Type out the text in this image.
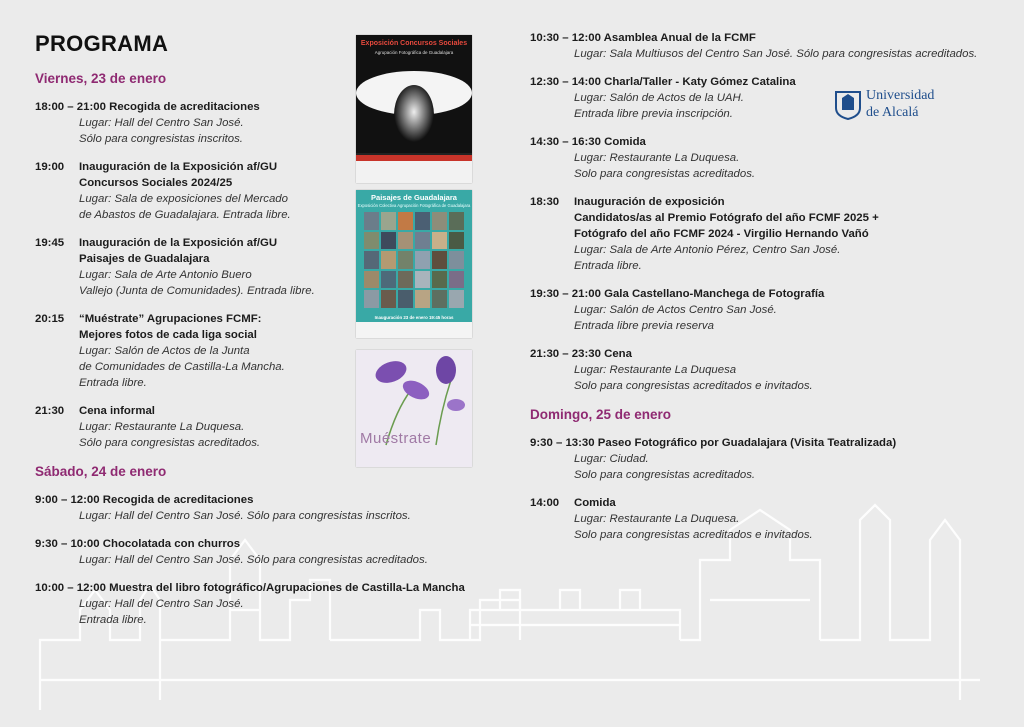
PROGRAMA
Viernes, 23 de enero
18:00 – 21:00 Recogida de acreditaciones
Lugar: Hall del Centro San José.
Sólo para congresistas inscritos.
19:00	Inauguración de la Exposición af/GU
Concursos Sociales 2024/25
Lugar: Sala de exposiciones del Mercado
de Abastos de Guadalajara. Entrada libre.
19:45	Inauguración de la Exposición af/GU
Paisajes de Guadalajara
Lugar: Sala de Arte Antonio Buero
Vallejo (Junta de Comunidades). Entrada libre.
20:15	“Muéstrate” Agrupaciones FCMF:
Mejores fotos de cada liga social
Lugar: Salón de Actos de la Junta
de Comunidades de Castilla-La Mancha.
Entrada libre.
21:30	Cena informal
Lugar: Restaurante La Duquesa.
Sólo para congresistas acreditados.
Sábado, 24 de enero
9:00 – 12:00 Recogida de acreditaciones
Lugar: Hall del Centro San José. Sólo para congresistas inscritos.
9:30 – 10:00 Chocolatada con churros
Lugar: Hall del Centro San José. Sólo para congresistas acreditados.
10:00 – 12:00 Muestra del libro fotográfico/Agrupaciones de Castilla-La Mancha
Lugar: Hall del Centro San José.
Entrada libre.
Exposición Concursos Sociales
Agrupación Fotográfica de Guadalajara
Paisajes de Guadalajara
Exposición Colectiva Agrupación Fotográfica de Guadalajara
Inauguración 23 de enero 19:45 horas
Muéstrate
Universidad
de Alcalá
10:30 – 12:00 Asamblea Anual de la FCMF
Lugar: Sala Multiusos del Centro San José. Sólo para congresistas acreditados.
12:30 – 14:00 Charla/Taller - Katy Gómez Catalina
Lugar: Salón de Actos de la UAH.
Entrada libre previa inscripción.
14:30 – 16:30 Comida
Lugar: Restaurante La Duquesa.
Solo para congresistas acreditados.
18:30	Inauguración de exposición
Candidatos/as al Premio Fotógrafo del año FCMF 2025 +
Fotógrafo del año FCMF 2024 - Virgilio Hernando Vañó
Lugar: Sala de Arte Antonio Pérez, Centro San José.
Entrada libre.
19:30 – 21:00 Gala Castellano-Manchega de Fotografía
Lugar: Salón de Actos Centro San José.
Entrada libre previa reserva
21:30 – 23:30 Cena
Lugar: Restaurante La Duquesa
Solo para congresistas acreditados e invitados.
Domingo, 25 de enero
9:30 – 13:30 Paseo Fotográfico por Guadalajara (Visita Teatralizada)
Lugar: Ciudad.
Solo para congresistas acreditados.
14:00	Comida
Lugar: Restaurante La Duquesa.
Solo para congresistas acreditados e invitados.
